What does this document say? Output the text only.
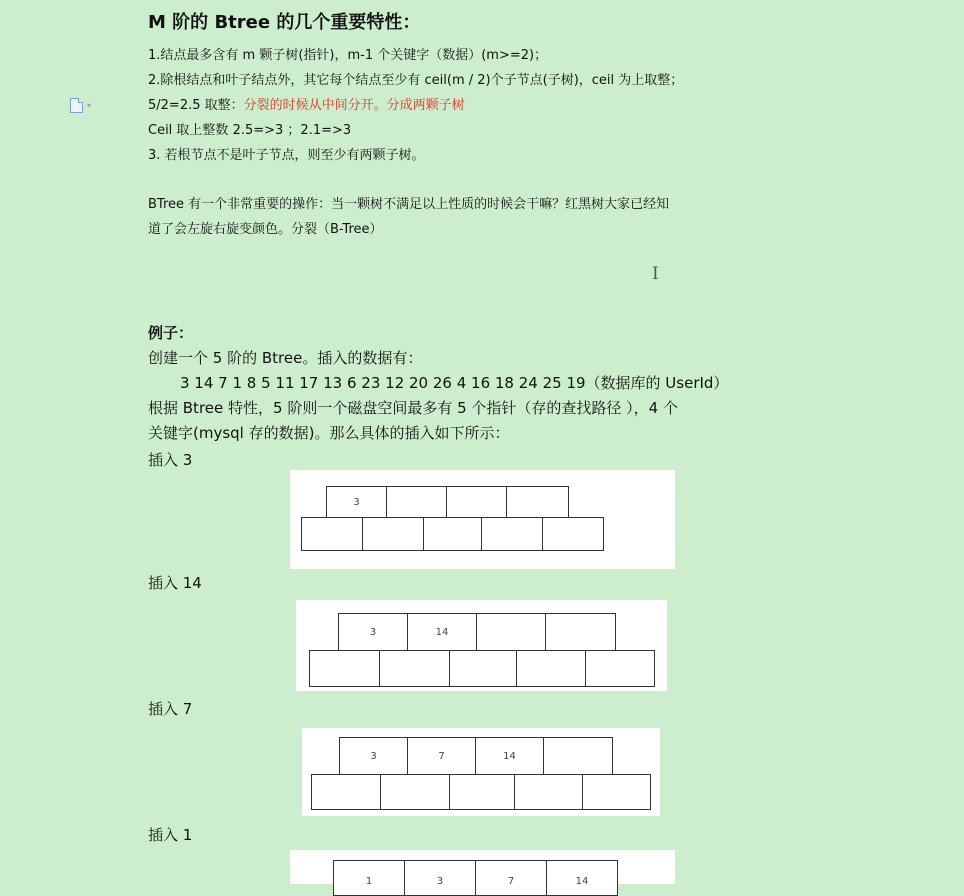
▾
M 阶的 Btree 的几个重要特性：
1.结点最多含有 m 颗子树(指针)，m-1 个关键字（数据）(m>=2)；
2.除根结点和叶子结点外，其它每个结点至少有 ceil(m / 2)个子节点(子树)，ceil 为上取整；
5/2=2.5 取整：分裂的时候从中间分开。分成两颗子树
Ceil 取上整数 2.5=>3 ；2.1=>3
3. 若根节点不是叶子节点，则至少有两颗子树。
BTree 有一个非常重要的操作：当一颗树不满足以上性质的时候会干嘛？红黑树大家已经知
道了会左旋右旋变颜色。分裂（B-Tree）
I
例子：
创建一个 5 阶的 Btree。插入的数据有：
3 14 7 1 8 5 11 17 13 6 23 12 20 26 4 16 18 24 25 19（数据库的 UserId）
根据 Btree 特性，5 阶则一个磁盘空间最多有 5 个指针（存的查找路径 ），4 个
关键字(mysql 存的数据)。那么具体的插入如下所示：
插入 3
3
插入 14
3	14
插入 7
3	7	14
插入 1
1	3	7	14
